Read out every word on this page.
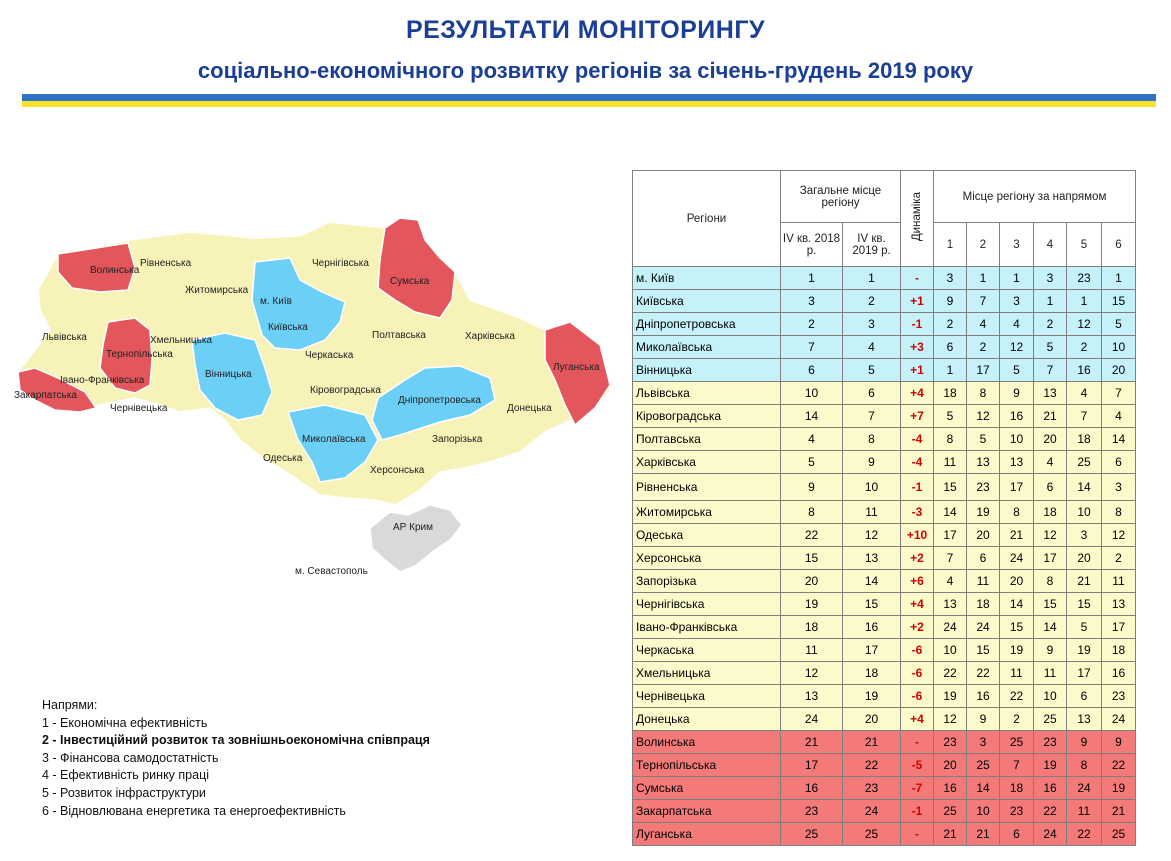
РЕЗУЛЬТАТИ МОНІТОРИНГУ
соціально-економічного розвитку регіонів за січень-грудень 2019 року
Волинська
Рівненська
Житомирська
м. Київ
Київська
Чернігівська
Сумська
Львівська
Тернопільська
Хмельницька	Полтавська	Харківська
Луганська
Черкаська
Івано-Франківська
Вінницька
Закарпатська
Чернівецька
Кіровоградська
Дніпропетровська
Донецька
Миколаївська	Запорізька
Одеська
Херсонська
АР Крим
м. Севастополь
Напрями:
1 - Економічна ефективність
2 - Інвестиційний розвиток та зовнішньоекономічна співпраця
3 - Фінансова самодостатність
4 - Ефективність ринку праці
5 - Розвиток інфраструктури
6 - Відновлювана енергетика та енергоефективність
Регіони	Загальне місце регіону		Динаміка	Місце регіону за напрямом					
	IV кв. 2018 р.	IV кв. 2019 р.		1	2	3	4	5	6
м. Київ	1	1	-	3	1	1	3	23	1
Київська	3	2	+1	9	7	3	1	1	15
Дніпропетровська	2	3	-1	2	4	4	2	12	5
Миколаївська	7	4	+3	6	2	12	5	2	10
Вінницька	6	5	+1	1	17	5	7	16	20
Львівська	10	6	+4	18	8	9	13	4	7
Кіровоградська	14	7	+7	5	12	16	21	7	4
Полтавська	4	8	-4	8	5	10	20	18	14
Харківська	5	9	-4	11	13	13	4	25	6
Рівненська	9	10	-1	15	23	17	6	14	3
Житомирська	8	11	-3	14	19	8	18	10	8
Одеська	22	12	+10	17	20	21	12	3	12
Херсонська	15	13	+2	7	6	24	17	20	2
Запорізька	20	14	+6	4	11	20	8	21	11
Чернігівська	19	15	+4	13	18	14	15	15	13
Івано-Франківська	18	16	+2	24	24	15	14	5	17
Черкаська	11	17	-6	10	15	19	9	19	18
Хмельницька	12	18	-6	22	22	11	11	17	16
Чернівецька	13	19	-6	19	16	22	10	6	23
Донецька	24	20	+4	12	9	2	25	13	24
Волинська	21	21	-	23	3	25	23	9	9
Тернопільська	17	22	-5	20	25	7	19	8	22
Сумська	16	23	-7	16	14	18	16	24	19
Закарпатська	23	24	-1	25	10	23	22	11	21
Луганська	25	25	-	21	21	6	24	22	25
